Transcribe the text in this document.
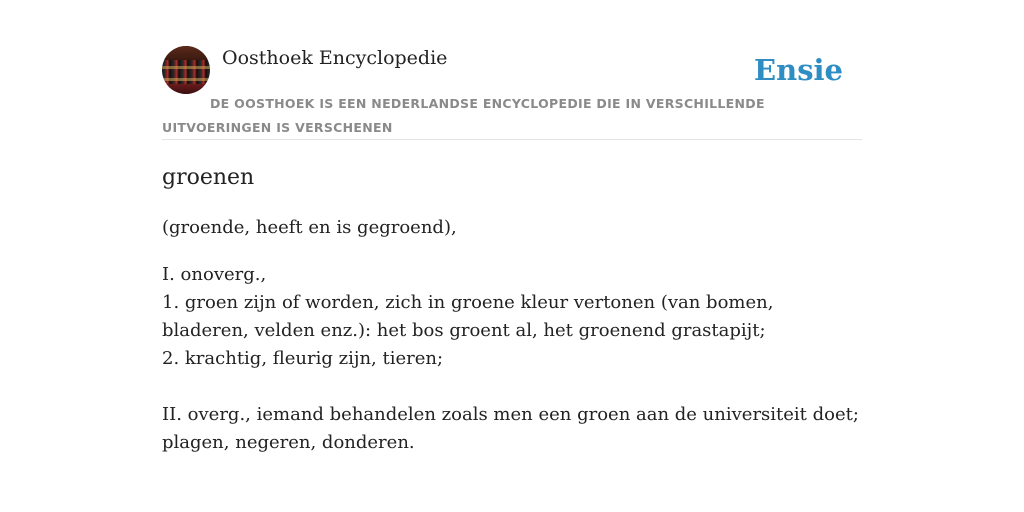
Oosthoek Encyclopedie	Ensie
DE OOSTHOEK IS EEN NEDERLANDSE ENCYCLOPEDIE DIE IN VERSCHILLENDE UITVOERINGEN IS VERSCHENEN
groenen

(groende, heeft en is gegroend),

I. onoverg.,
1. groen zijn of worden, zich in groene kleur vertonen (van bomen, bladeren, velden enz.): het bos groent al, het groenend grastapijt;
2. krachtig, fleurig zijn, tieren;
II. overg., iemand behandelen zoals men een groen aan de universiteit doet; plagen, negeren, donderen.
